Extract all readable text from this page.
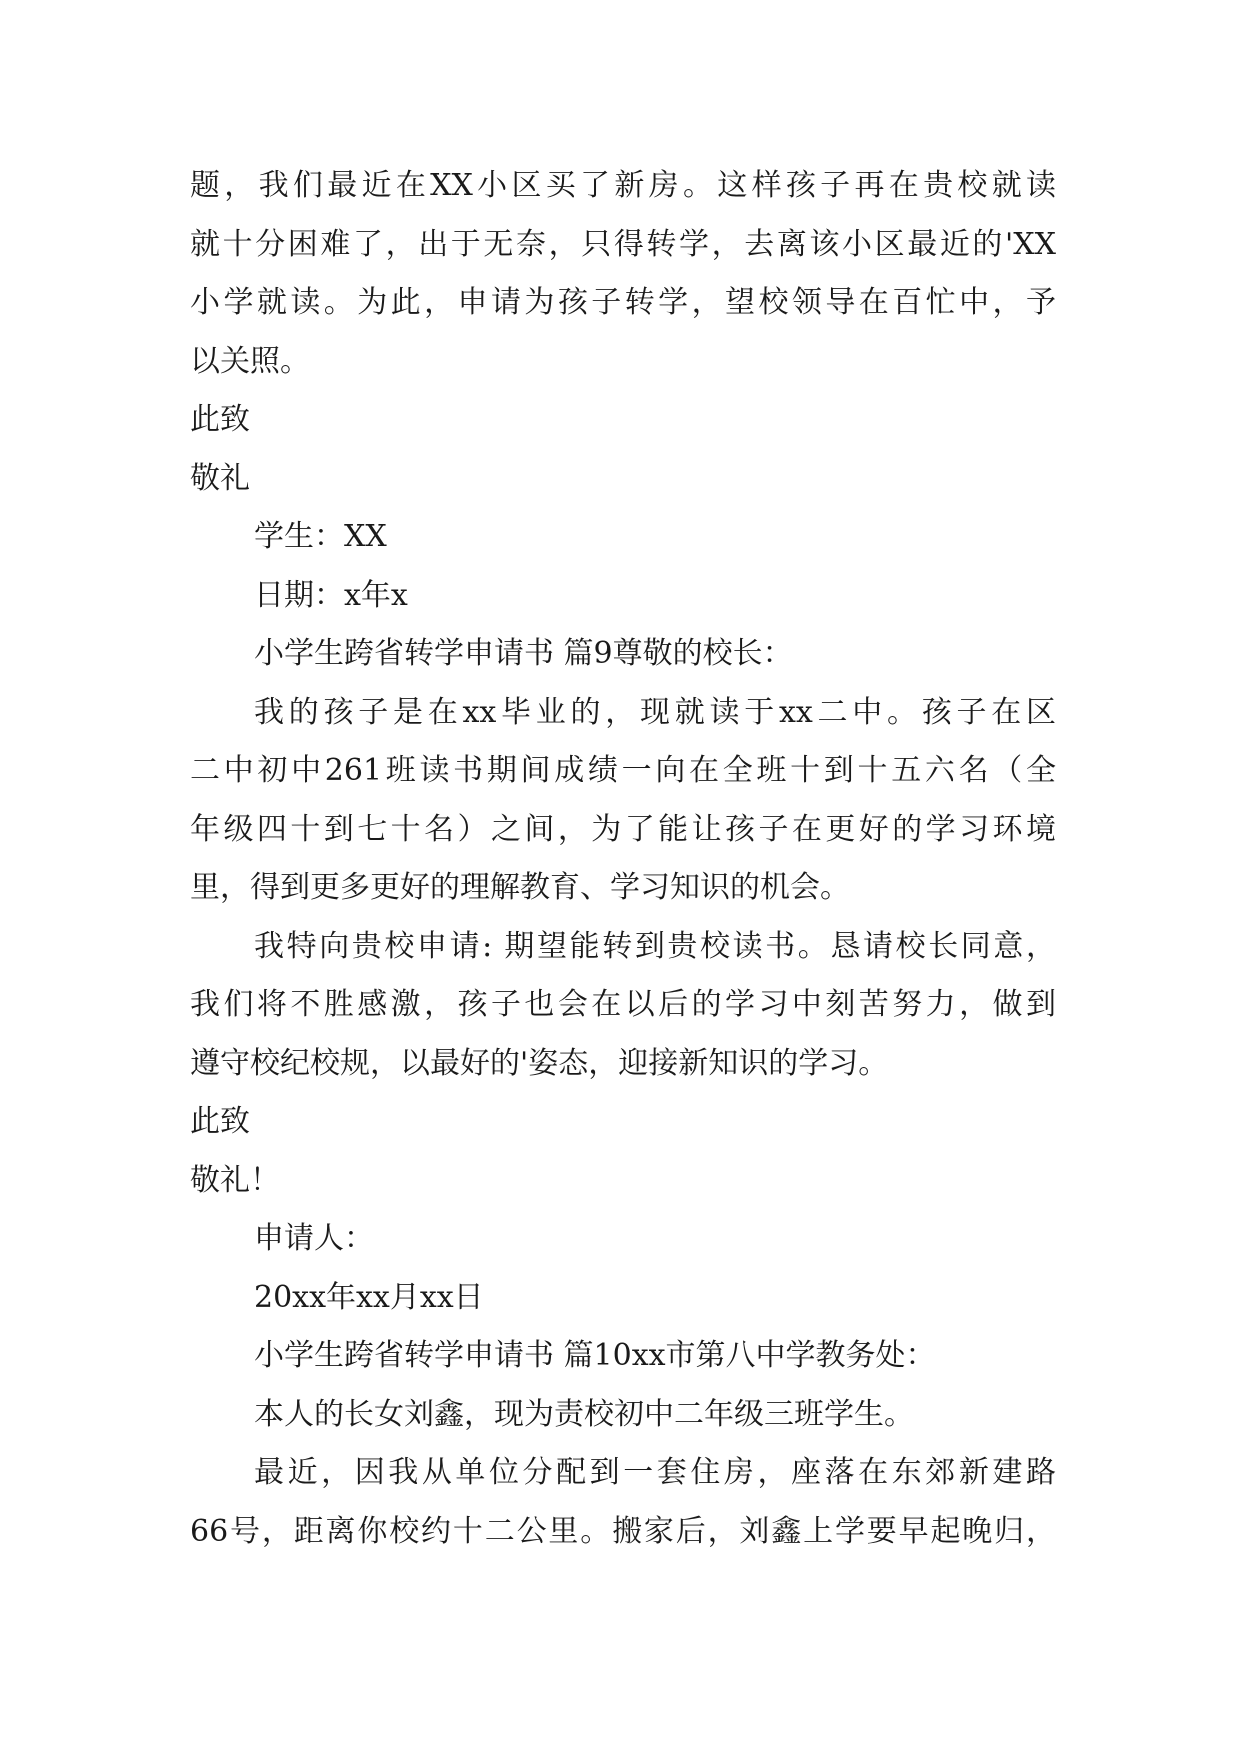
题，我们最近在XX小区买了新房。这样孩子再在贵校就读
就十分困难了，出于无奈，只得转学，去离该小区最近的'XX
小学就读。为此，申请为孩子转学，望校领导在百忙中，予
以关照。
此致
敬礼
学生：XX
日期：x年x
小学生跨省转学申请书 篇9尊敬的校长：
我的孩子是在xx毕业的，现就读于xx二中。孩子在区
二中初中261班读书期间成绩一向在全班十到十五六名（全
年级四十到七十名）之间，为了能让孩子在更好的学习环境
里，得到更多更好的理解教育、学习知识的机会。
我特向贵校申请: 期望能转到贵校读书。恳请校长同意，
我们将不胜感激，孩子也会在以后的学习中刻苦努力，做到
遵守校纪校规，以最好的'姿态，迎接新知识的学习。
此致
敬礼！
申请人：
20xx年xx月xx日
小学生跨省转学申请书 篇10xx市第八中学教务处：
本人的长女刘鑫，现为责校初中二年级三班学生。
最近，因我从单位分配到一套住房，座落在东郊新建路
66号，距离你校约十二公里。搬家后，刘鑫上学要早起晚归，
